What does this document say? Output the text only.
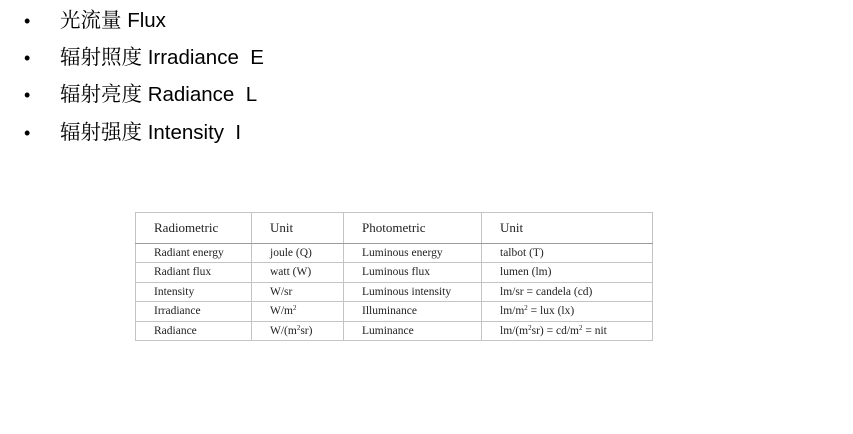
•	光流量 Flux
•	辐射照度 Irradiance  E
•	辐射亮度 Radiance  L
•	辐射强度 Intensity  I
Radiometric	Unit	Photometric	Unit
Radiant energy	joule (Q)	Luminous energy	talbot (T)
Radiant flux	watt (W)	Luminous flux	lumen (lm)
Intensity	W/sr	Luminous intensity	lm/sr = candela (cd)
Irradiance	$W/m^2$	Illuminance	$lm/m^2$ = lux (lx)
Radiance	$W/(m^2sr)$	Luminance	$lm/(m^2sr) = cd/m^2$ = nit
